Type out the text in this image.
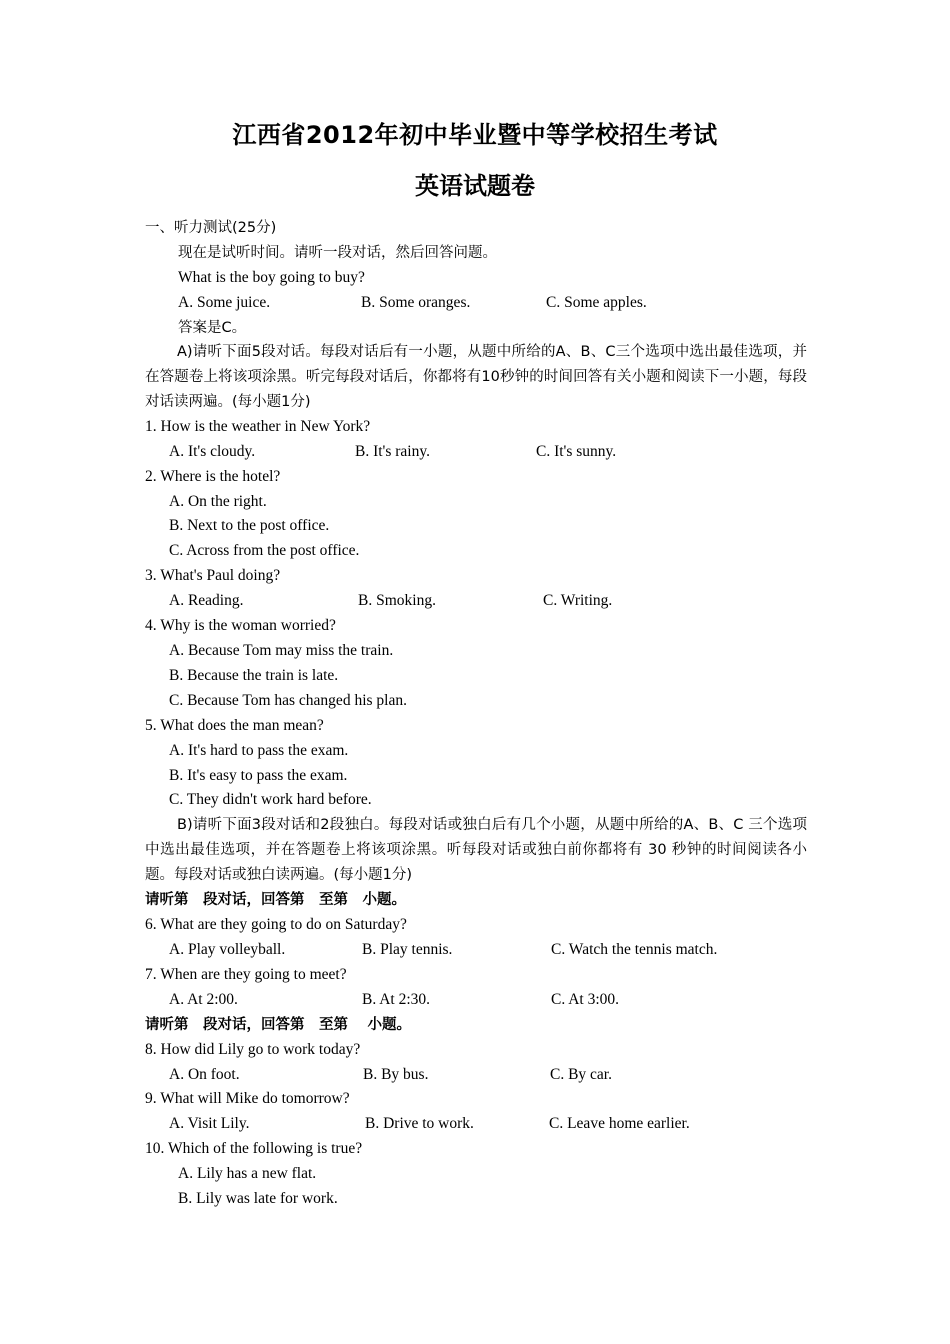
江西省2012年初中毕业暨中等学校招生考试
英语试题卷
一、听力测试(25分)
现在是试听时间。请听一段对话，然后回答问题。
What is the boy going to buy?
A. Some juice.	B. Some oranges.	C. Some apples.
答案是C。
A)请听下面5段对话。每段对话后有一小题，从题中所给的A、B、C三个选项中选出最佳选项，并在答题卷上将该项涂黑。听完每段对话后，你都将有10秒钟的时间回答有关小题和阅读下一小题，每段对话读两遍。(每小题1分)
1. How is the weather in New York?
A. It's cloudy.	B. It's rainy.	C. It's sunny.
2. Where is the hotel?
A. On the right.
B. Next to the post office.
C. Across from the post office.
3. What's Paul doing?
A. Reading.	B. Smoking.	C. Writing.
4. Why is the woman worried?
A. Because Tom may miss the train.
B. Because the train is late.
C. Because Tom has changed his plan.
5. What does the man mean?
A. It's hard to pass the exam.
B. It's easy to pass the exam.
C. They didn't work hard before.
B)请听下面3段对话和2段独白。每段对话或独白后有几个小题，从题中所给的A、B、C 三个选项中选出最佳选项，并在答题卷上将该项涂黑。听每段对话或独白前你都将有 30 秒钟的时间阅读各小题。每段对话或独白读两遍。(每小题1分)
请听第　段对话，回答第　至第　小题。
6. What are they going to do on Saturday?
A. Play volleyball.	B. Play tennis.	C. Watch the tennis match.
7. When are they going to meet?
A. At 2:00.	B. At 2:30.	C. At 3:00.
请听第　段对话，回答第　至第　 小题。
8. How did Lily go to work today?
A. On foot.	B. By bus.	C. By car.
9. What will Mike do tomorrow?
A. Visit Lily.	B. Drive to work.	C. Leave home earlier.
10. Which of the following is true?
A. Lily has a new flat.
B. Lily was late for work.
